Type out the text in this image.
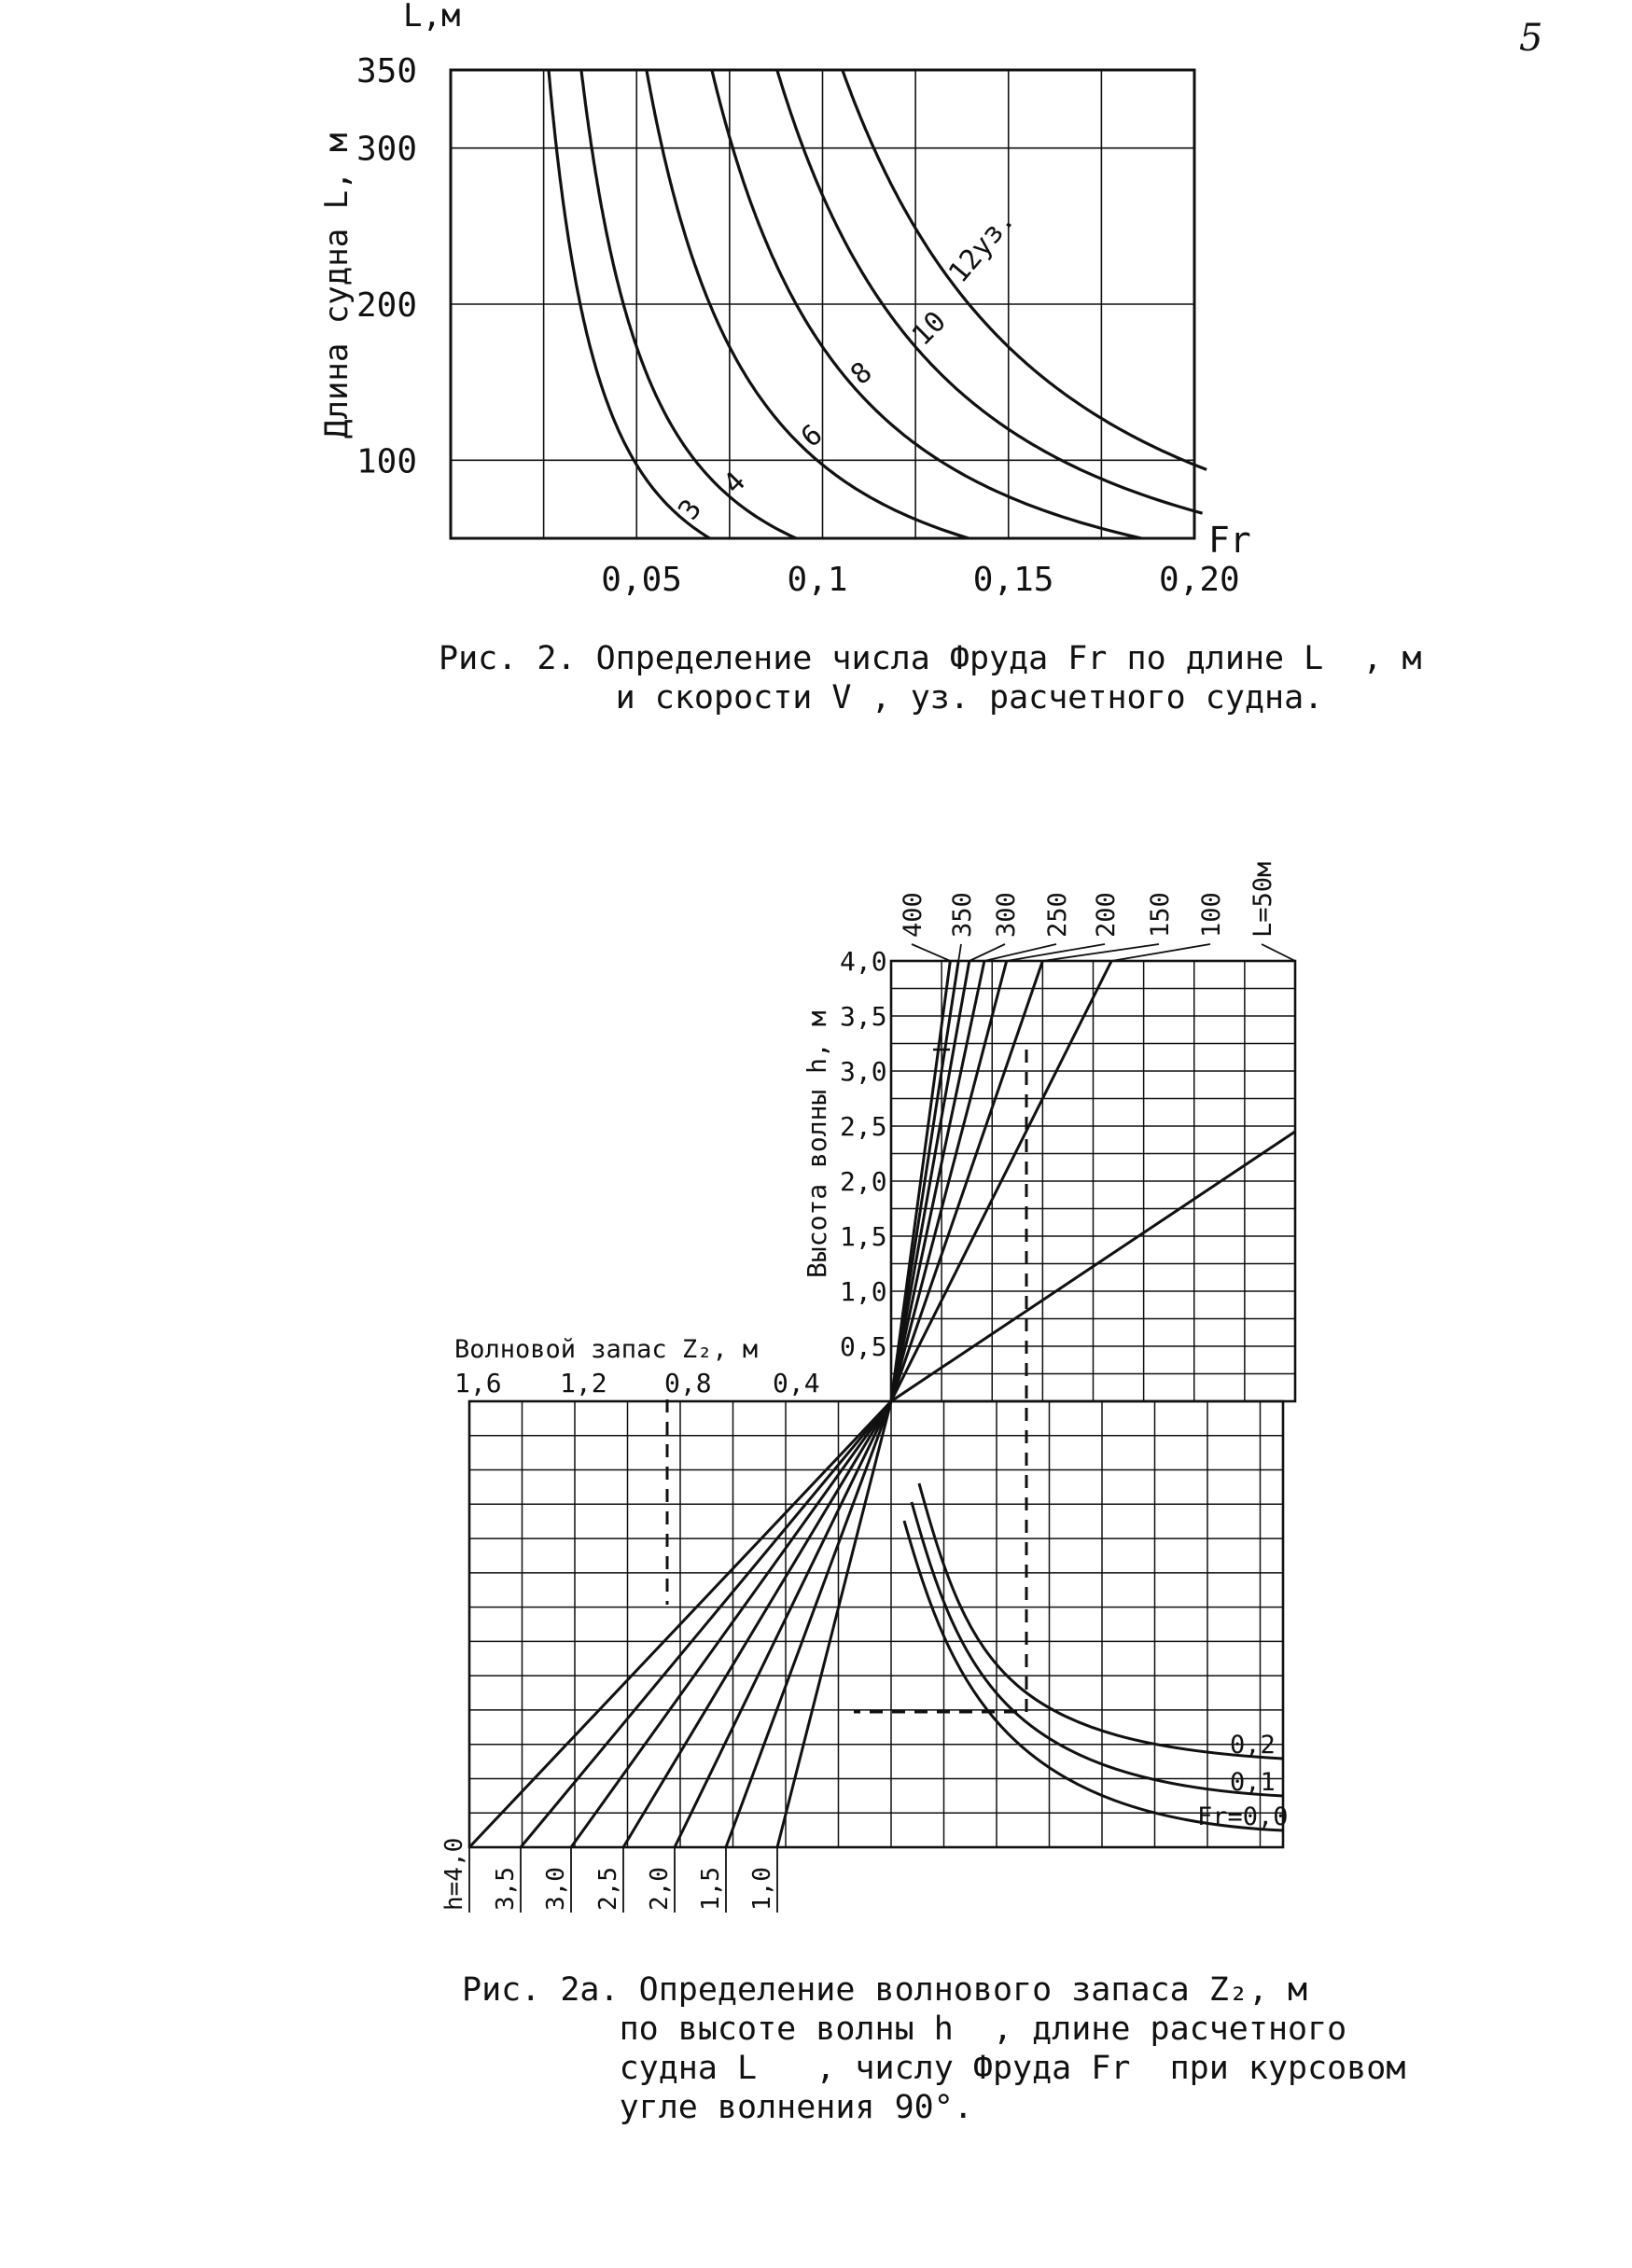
5
3
4
6
8
10
12уз.
0,05	0,1	0,15	0,20
100
200
300
350
Fr
L,м
Длина судна L, м
400 350 300 250 200 150 100 L=50м
h=4,0 3,5 3,0 2,5 2,0 1,5 1,0
0,2
0,1
Fr=0,0
0,5
1,0
1,5
2,0
2,5
3,0
3,5
4,0
Высота волны h, м
Волновой запас Z₂, м
1,6 1,2 0,8 0,4
Рис. 2. Определение числа Фруда Fr по длине L  , м
и скорости V , уз. расчетного судна.
Рис. 2а. Определение волнового запаса Z₂, м
по высоте волны h  , длине расчетного
судна L   , числу Фруда Fr  при курсовом
угле волнения 90°.
